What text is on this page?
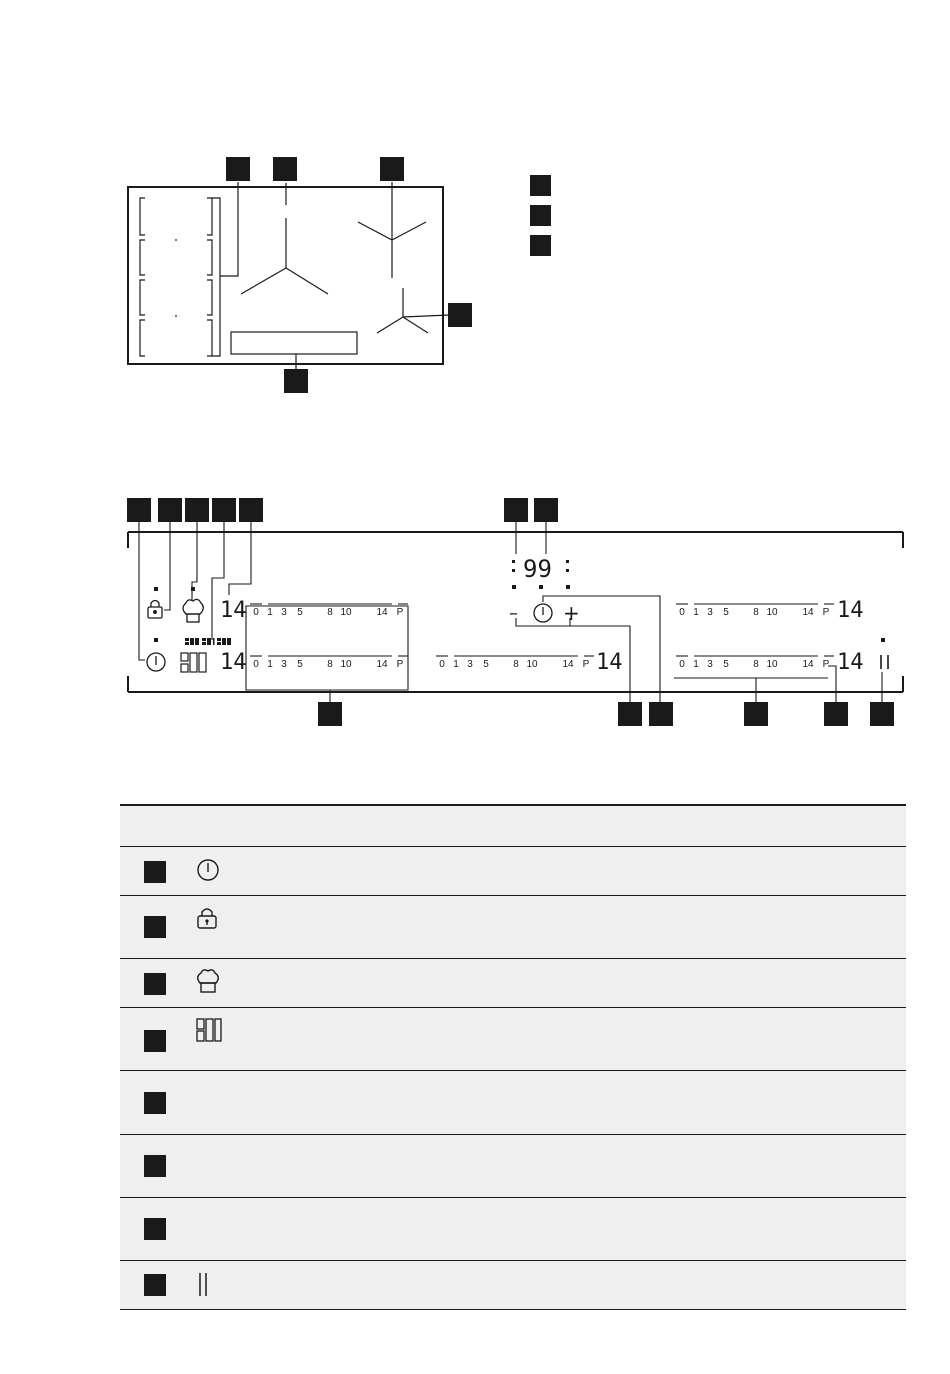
14
14	14
14
14
99
– +
0 1 3 5 8 10 14 P
0 1 3 5 8 10 14 P	0 1 3 5 8 10 14 P
0 1 3 5 8 10 14 P
0 1 3 5 8 10 14 P
